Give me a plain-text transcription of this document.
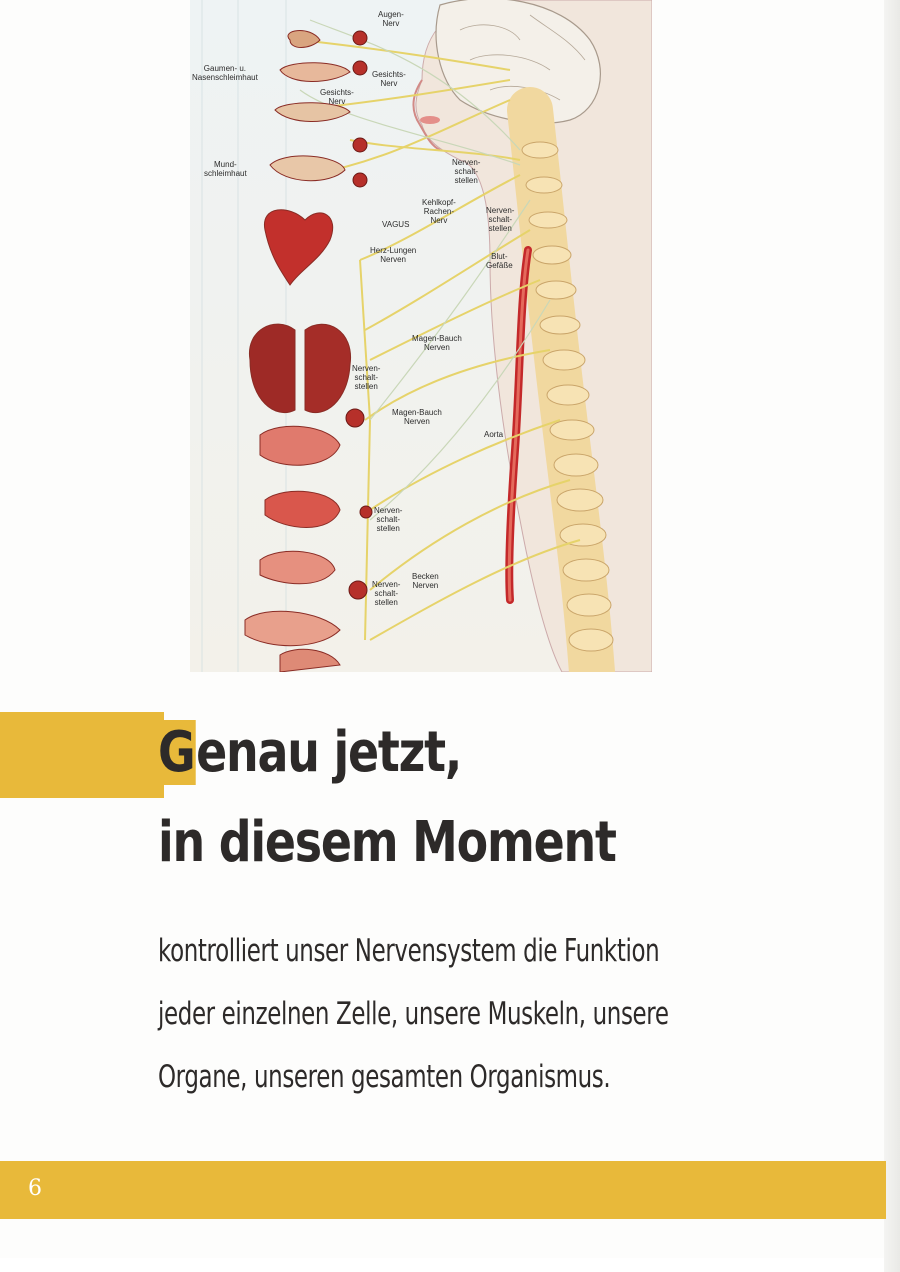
Augen-
Nerv
Gaumen- u.
Nasenschleimhaut	Gesichts-
Nerv
Gesichts-
Nerv
Mund-
schleimhaut
Nerven-
schalt-
stellen
Kehlkopf-
Rachen-
Nerv
VAGUS
Nerven-
schalt-
stellen
Herz-Lungen
Nerven	Blut-
Gefäße
Magen-Bauch
Nerven
Nerven-
schalt-
stellen
Magen-Bauch
Nerven
Aorta
Nerven-
schalt-
stellen
Becken
Nerven
Nerven-
schalt-
stellen
Genau jetzt,
in diesem Moment

kontrolliert unser Nervensystem die Funktion
jeder einzelnen Zelle, unsere Muskeln, unsere
Organe, unseren gesamten Organismus.

6
